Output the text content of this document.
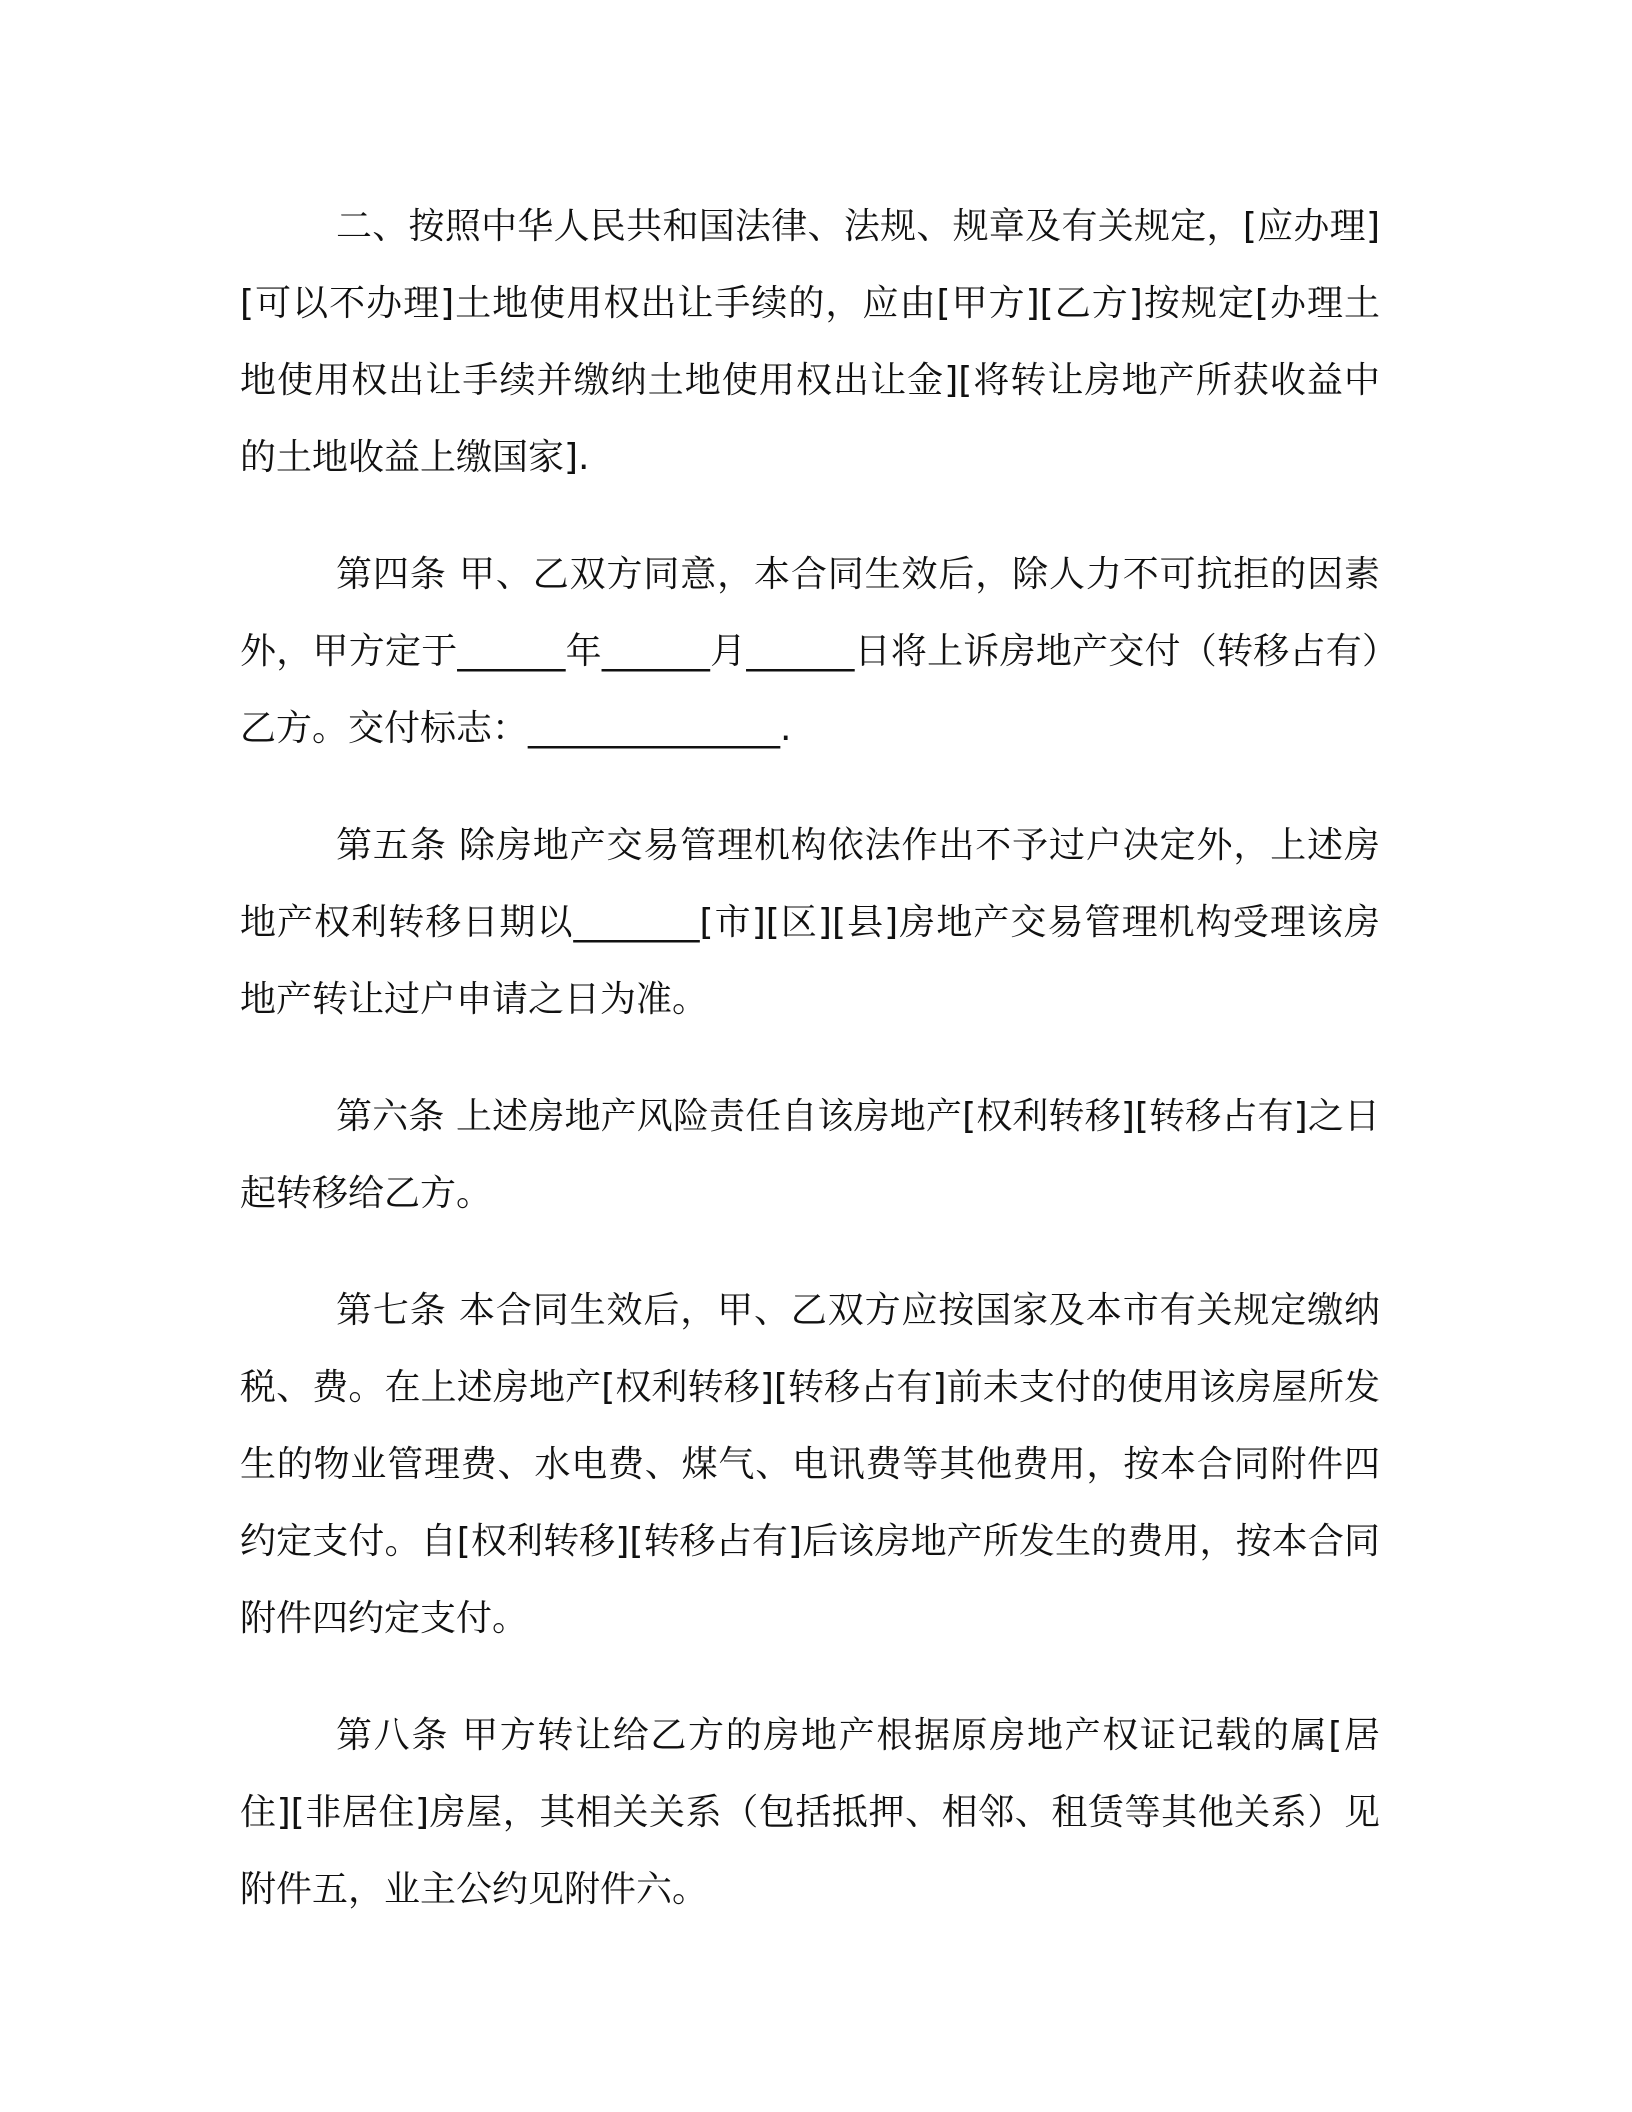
二、按照中华人民共和国法律、法规、规章及有关规定，[应办理][可以不办理]土地使用权出让手续的，应由[甲方][乙方]按规定[办理土地使用权出让手续并缴纳土地使用权出让金][将转让房地产所获收益中的土地收益上缴国家].

第四条 甲、乙双方同意，本合同生效后，除人力不可抗拒的因素外，甲方定于______年______月______日将上诉房地产交付（转移占有）乙方。交付标志：______________.

第五条 除房地产交易管理机构依法作出不予过户决定外，上述房地产权利转移日期以_______[市][区][县]房地产交易管理机构受理该房地产转让过户申请之日为准。

第六条 上述房地产风险责任自该房地产[权利转移][转移占有]之日起转移给乙方。

第七条 本合同生效后，甲、乙双方应按国家及本市有关规定缴纳税、费。在上述房地产[权利转移][转移占有]前未支付的使用该房屋所发生的物业管理费、水电费、煤气、电讯费等其他费用，按本合同附件四约定支付。自[权利转移][转移占有]后该房地产所发生的费用，按本合同附件四约定支付。

第八条 甲方转让给乙方的房地产根据原房地产权证记载的属[居住][非居住]房屋，其相关关系（包括抵押、相邻、租赁等其他关系）见附件五，业主公约见附件六。
